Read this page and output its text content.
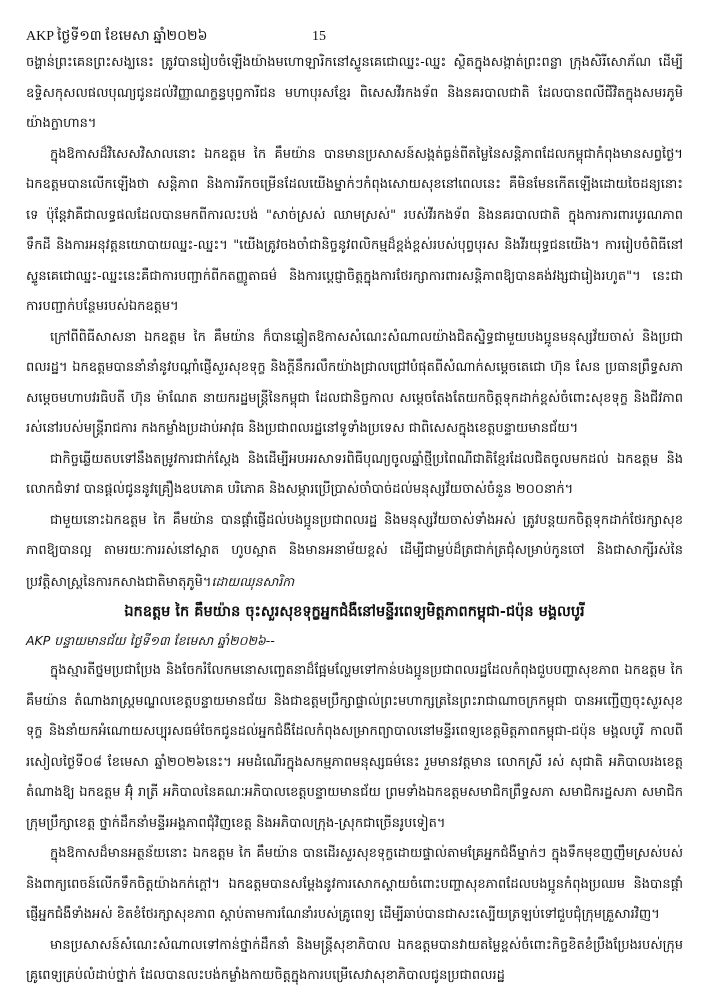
AKP ថ្ងៃទី១៣ ខែមេសា ឆ្នាំ២០២៦	15

ចង្ហាន់ព្រះគេនព្រះសង្ឃនេះ ត្រូវបានរៀបចំឡើងយ៉ាងមហោឡារិកនៅស្ទូនគេជោឈ្នះ-ឈ្នះ ស្ថិតក្នុងសង្កាត់ព្រះពន្លា ក្រុងសិរីសោភ័ណ ដើម្បីឧទ្ទិសកុសលផលបុណ្យជូនដល់វិញ្ញាណក្ខន្ធបុព្វការីជន មហាបុរសខ្មែរ ពិសេសវីរកងទ័ព និងនគរបាលជាតិ ដែលបានពលីជីវិតក្នុងសមរភូមិយ៉ាងក្លាហាន។

ក្នុងឱកាសដ៏វិសេសវិសាលនោះ ឯកឧត្តម កៃ គឹមយ៉ាន បានមានប្រសាសន៍សង្កត់ធ្ងន់ពីតម្លៃនៃសន្តិភាពដែលកម្ពុជាកំពុងមានសព្វថ្ងៃ។ ឯកឧត្តមបានលើកឡើងថា សន្តិភាព និងការរីកចម្រើនដែលយើងម្នាក់ៗកំពុងសោយសុខនៅពេលនេះ គឺមិនមែនកើតឡើងដោយចៃដន្យនោះទេ ប៉ុន្តែវាគឺជាលទ្ធផលដែលបានមកពីការលះបង់ "សាច់ស្រស់ ឈាមស្រស់" របស់វីរកងទ័ព និងនគរបាលជាតិ ក្នុងការការពារបូរណភាពទឹកដី និងការអនុវត្តនយោបាយឈ្នះ-ឈ្នះ។ "យើងត្រូវចងចាំជានិច្ចនូវពលិកម្មដ៏ខ្ពង់ខ្ពស់របស់បុព្វបុរស និងវីរយុទ្ធជនយើង។ ការរៀបចំពិធីនៅស្ទូនគេជោឈ្នះ-ឈ្នះនេះគឺជាការបញ្ជាក់ពីកតញ្ញូតាធម៌ និងការប្តេជ្ញាចិត្តក្នុងការថែរក្សាការពារសន្តិភាពឱ្យបានគង់វង្សជារៀងរហូត"។ នេះជាការបញ្ជាក់បន្ថែមរបស់ឯកឧត្តម។

ក្រៅពីពិធីសាសនា ឯកឧត្តម កៃ គឹមយ៉ាន ក៏បានឆ្លៀតឱកាសសំណេះសំណាលយ៉ាងជិតស្និទ្ធជាមួយបងប្អូនមនុស្សវ័យចាស់ និងប្រជាពលរដ្ឋ។ ឯកឧត្តមបាននាំនាំនូវបណ្តាំផ្ញើសួរសុខទុក្ខ និងក្តីនឹករលឹកយ៉ាងជ្រាលជ្រៅបំផុតពីសំណាក់សម្តេចតេជោ ហ៊ុន សែន ប្រធានព្រឹទ្ធសភា សម្តេចមហាបវរធិបតី ហ៊ុន ម៉ាណែត នាយករដ្ឋមន្ត្រីនៃកម្ពុជា ដែលជានិច្ចកាល សម្តេចតែងតែយកចិត្តទុកដាក់ខ្ពស់ចំពោះសុខទុក្ខ និងជីវភាពរស់នៅរបស់មន្ត្រីរាជការ កងកម្លាំងប្រដាប់អាវុធ និងប្រជាពលរដ្ឋនៅទូទាំងប្រទេស ជាពិសេសក្នុងខេត្តបន្ទាយមានជ័យ។

ជាកិច្ចឆ្លើយតបទៅនឹងតម្រូវការជាក់ស្តែង និងដើម្បីអបអរសាទរពិធីបុណ្យចូលឆ្នាំថ្មីប្រពៃណីជាតិខ្មែរដែលជិតចូលមកដល់ ឯកឧត្តម និងលោកជំទាវ បានផ្តល់ជូននូវគ្រឿងឧបភោគ បរិភោគ និងសម្ភារប្រើប្រាស់ចាំបាច់ដល់មនុស្សវ័យចាស់ចំនួន ២០០នាក់។

ជាមួយនោះឯកឧត្តម កៃ គឹមយ៉ាន បានផ្តាំផ្ញើដល់បងប្អូនប្រជាពលរដ្ឋ និងមនុស្សវ័យចាស់ទាំងអស់ ត្រូវបន្តយកចិត្តទុកដាក់ថែរក្សាសុខភាពឱ្យបានល្អ តាមរយៈការរស់នៅស្អាត ហូបស្អាត និងមានអនាម័យខ្ពស់ ដើម្បីជាម្លប់ដ៏ត្រជាក់ត្រជុំសម្រាប់កូនចៅ និងជាសាក្សីរស់នៃប្រវត្តិសាស្ត្រនៃការកសាងជាតិមាតុភូមិ។ដោយឈុនសារិកា

ឯកឧត្តម កៃ គឹមយ៉ាន ចុះសួរសុខទុក្ខអ្នកជំងឺនៅមន្ទីរពេទ្យមិត្តភាពកម្ពុជា-ជប៉ុន មង្គលបូរី
AKP បន្ទាយមានជ័យ ថ្ងៃទី១៣ ខែមេសា ឆ្នាំ២០២៦--

ក្នុងស្មារតីថ្នមប្រជាប្រែង និងចែករំលែកមនោសញ្ចេតនាដ៏ផ្អែមល្ហែមទៅកាន់បងប្អូនប្រជាពលរដ្ឋដែលកំពុងជួបបញ្ហាសុខភាព ឯកឧត្តម កៃ គឹមយ៉ាន តំណាងរាស្ត្រមណ្ឌលខេត្តបន្ទាយមានជ័យ និងជាឧត្តមប្រឹក្សាផ្ទាល់ព្រះមហាក្សត្រនៃព្រះរាជាណាចក្រកម្ពុជា បានអញ្ជើញចុះសួរសុខទុក្ខ និងនាំយកអំណោយសប្បុរសធម៌ចែកជូនដល់អ្នកជំងឺដែលកំពុងសម្រាកព្យាបាលនៅមន្ទីរពេទ្យខេត្តមិត្តភាពកម្ពុជា-ជប៉ុន មង្គលបូរី កាលពីរសៀលថ្ងៃទី០៨ ខែមេសា ឆ្នាំ២០២៦នេះ។ អមដំណើរក្នុងសកម្មភាពមនុស្សធម៌នេះ រួមមានវត្តមាន លោកស្រី រស់ សុជាតិ អភិបាលរងខេត្ត តំណាងឱ្យ ឯកឧត្តម អ៊ុំ រាត្រី អភិបាលនៃគណៈអភិបាលខេត្តបន្ទាយមានជ័យ ព្រមទាំងឯកឧត្តមសមាជិកព្រឹទ្ធសភា សមាជិករដ្ឋសភា សមាជិកក្រុមប្រឹក្សាខេត្ត ថ្នាក់ដឹកនាំមន្ទីរអង្គភាពជុំវិញខេត្ត និងអភិបាលក្រុង-ស្រុកជាច្រើនរូបទៀត។

ក្នុងឱកាសដ៏មានអត្ថន័យនោះ ឯកឧត្តម កៃ គឹមយ៉ាន បានដើរសួរសុខទុក្ខដោយផ្ទាល់តាមគ្រែអ្នកជំងឺម្នាក់ៗ ក្នុងទឹកមុខញញឹមស្រស់បស់ និងពាក្យពេចន៍លើកទឹកចិត្តយ៉ាងកក់ក្តៅ។ ឯកឧត្តមបានសម្តែងនូវការសោកស្តាយចំពោះបញ្ហាសុខភាពដែលបងប្អូនកំពុងប្រឈម និងបានផ្តាំផ្ញើអ្នកជំងឺទាំងអស់ ខិតខំថែរក្សាសុខភាព ស្តាប់តាមការណែនាំរបស់គ្រូពេទ្យ ដើម្បីឆាប់បានជាសះស្បើយត្រឡប់ទៅជួបជុំក្រុមគ្រួសារវិញ។

មានប្រសាសន៍សំណេះសំណាលទៅកាន់ថ្នាក់ដឹកនាំ និងមន្ត្រីសុខាភិបាល ឯកឧត្តមបានវាយតម្លៃខ្ពស់ចំពោះកិច្ចខិតខំប្រឹងប្រែងរបស់ក្រុមគ្រូពេទ្យគ្រប់លំដាប់ថ្នាក់ ដែលបានលះបង់កម្លាំងកាយចិត្តក្នុងការបម្រើសេវាសុខាភិបាលជូនប្រជាពលរដ្ឋ
